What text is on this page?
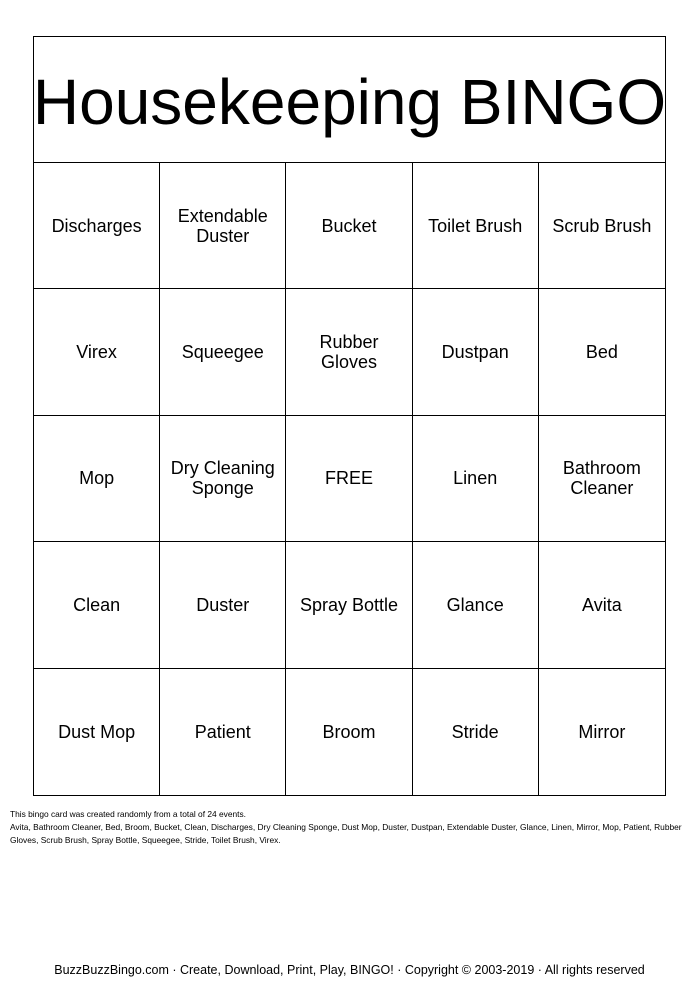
Housekeeping BINGO
Discharges	Extendable Duster	Bucket	Toilet Brush	Scrub Brush
Virex	Squeegee	Rubber Gloves	Dustpan	Bed
Mop	Dry Cleaning Sponge	FREE	Linen	Bathroom Cleaner
Clean	Duster	Spray Bottle	Glance	Avita
Dust Mop	Patient	Broom	Stride	Mirror
This bingo card was created randomly from a total of 24 events.
Avita, Bathroom Cleaner, Bed, Broom, Bucket, Clean, Discharges, Dry Cleaning Sponge, Dust Mop, Duster, Dustpan, Extendable Duster, Glance, Linen, Mirror, Mop, Patient, Rubber Gloves, Scrub Brush, Spray Bottle, Squeegee, Stride, Toilet Brush, Virex.
BuzzBuzzBingo.com · Create, Download, Print, Play, BINGO! · Copyright © 2003-2019 · All rights reserved
